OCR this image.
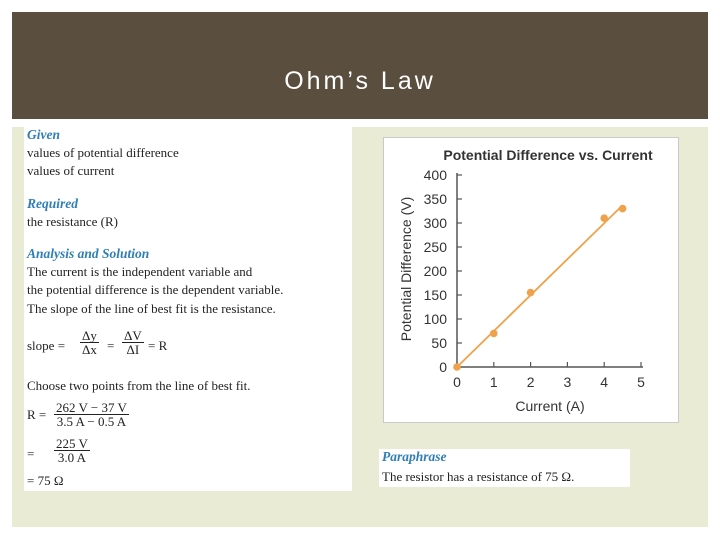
Ohm’s Law
Given
values of potential difference
values of current
Required
the resistance (R)
Analysis and Solution
The current is the independent variable and
the potential difference is the dependent variable.
The slope of the line of best fit is the resistance.
slope = $\frac{\Delta y}{\Delta x} = \frac{\Delta V}{\Delta I} = R$
Choose two points from the line of best fit.
$R = \frac{262 V - 37 V}{3.5 A - 0.5 A}$
= $\frac{225 V}{3.0 A}$
= 75 Ω
Potential Difference vs. Current
Potential Difference (V)
Current (A)
0
50
100
150
200
250
300
350
400
0 1 2 3 4 5
Paraphrase
The resistor has a resistance of 75 Ω.
